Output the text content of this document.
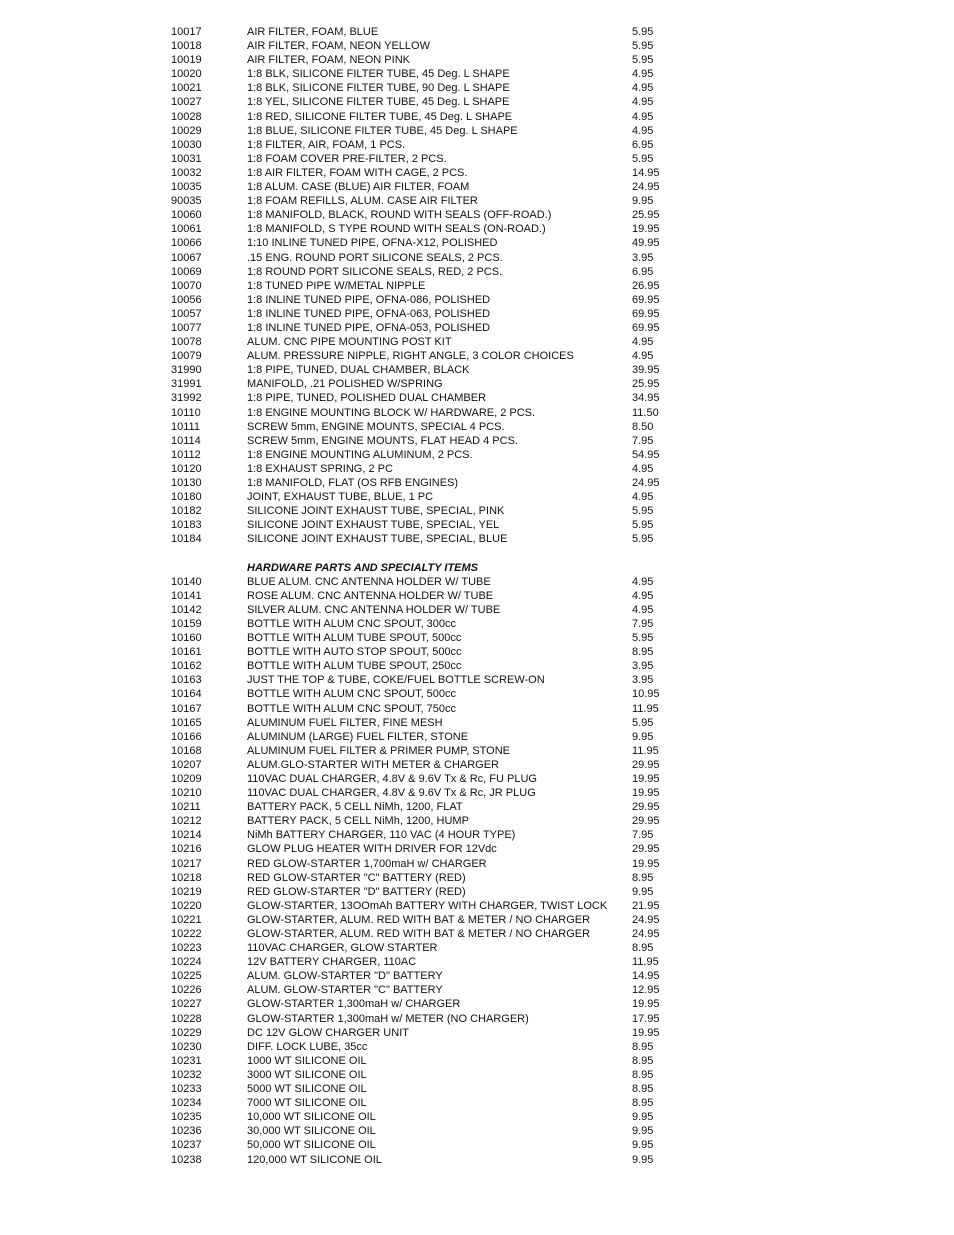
10017	AIR FILTER, FOAM, BLUE	5.95
10018	AIR FILTER, FOAM, NEON YELLOW	5.95
10019	AIR FILTER, FOAM, NEON PINK	5.95
10020	1:8 BLK, SILICONE FILTER TUBE, 45 Deg. L SHAPE	4.95
10021	1:8 BLK, SILICONE FILTER TUBE, 90 Deg. L SHAPE	4.95
10027	1:8 YEL, SILICONE FILTER TUBE, 45 Deg. L SHAPE	4.95
10028	1:8 RED, SILICONE FILTER TUBE, 45 Deg. L SHAPE	4.95
10029	1:8 BLUE, SILICONE FILTER TUBE, 45 Deg. L SHAPE	4.95
10030	1:8 FILTER, AIR, FOAM, 1 PCS.	6.95
10031	1:8 FOAM COVER PRE-FILTER, 2 PCS.	5.95
10032	1:8 AIR FILTER, FOAM WITH CAGE, 2 PCS.	14.95
10035	1:8 ALUM. CASE (BLUE) AIR FILTER, FOAM	24.95
90035	1:8 FOAM REFILLS, ALUM. CASE AIR FILTER	9.95
10060	1:8 MANIFOLD, BLACK, ROUND WITH SEALS (OFF-ROAD.)	25.95
10061	1:8 MANIFOLD, S TYPE ROUND WITH SEALS (ON-ROAD.)	19.95
10066	1:10 INLINE TUNED PIPE, OFNA-X12, POLISHED	49.95
10067	.15 ENG. ROUND PORT SILICONE SEALS, 2 PCS.	3.95
10069	1:8 ROUND PORT SILICONE SEALS, RED, 2 PCS.	6.95
10070	1:8 TUNED PIPE W/METAL NIPPLE	26.95
10056	1:8 INLINE TUNED PIPE, OFNA-086, POLISHED	69.95
10057	1:8 INLINE TUNED PIPE, OFNA-063, POLISHED	69.95
10077	1:8 INLINE TUNED PIPE, OFNA-053, POLISHED	69.95
10078	ALUM. CNC PIPE MOUNTING POST KIT	4.95
10079	ALUM. PRESSURE NIPPLE, RIGHT ANGLE, 3 COLOR CHOICES	4.95
31990	1:8 PIPE, TUNED, DUAL CHAMBER, BLACK	39.95
31991	MANIFOLD, .21 POLISHED W/SPRING	25.95
31992	1:8 PIPE, TUNED, POLISHED DUAL CHAMBER	34.95
10110	1:8 ENGINE MOUNTING BLOCK W/ HARDWARE, 2 PCS.	11.50
10111	SCREW 5mm, ENGINE MOUNTS, SPECIAL 4 PCS.	8.50
10114	SCREW 5mm, ENGINE MOUNTS, FLAT HEAD 4 PCS.	7.95
10112	1:8 ENGINE MOUNTING ALUMINUM, 2 PCS.	54.95
10120	1:8 EXHAUST SPRING, 2 PC	4.95
10130	1:8 MANIFOLD, FLAT (OS RFB ENGINES)	24.95
10180	JOINT, EXHAUST TUBE, BLUE, 1 PC	4.95
10182	SILICONE JOINT EXHAUST TUBE, SPECIAL, PINK	5.95
10183	SILICONE JOINT EXHAUST TUBE, SPECIAL, YEL	5.95
10184	SILICONE JOINT EXHAUST TUBE, SPECIAL, BLUE	5.95
HARDWARE PARTS AND SPECIALTY ITEMS
10140	BLUE ALUM. CNC ANTENNA HOLDER W/ TUBE	4.95
10141	ROSE ALUM. CNC ANTENNA HOLDER W/ TUBE	4.95
10142	SILVER ALUM. CNC ANTENNA HOLDER W/ TUBE	4.95
10159	BOTTLE WITH ALUM CNC SPOUT, 300cc	7.95
10160	BOTTLE WITH ALUM TUBE SPOUT, 500cc	5.95
10161	BOTTLE WITH AUTO STOP SPOUT, 500cc	8.95
10162	BOTTLE WITH ALUM TUBE SPOUT, 250cc	3.95
10163	JUST THE TOP & TUBE, COKE/FUEL BOTTLE SCREW-ON	3.95
10164	BOTTLE WITH ALUM CNC SPOUT, 500cc	10.95
10167	BOTTLE WITH ALUM CNC SPOUT, 750cc	11.95
10165	ALUMINUM FUEL FILTER, FINE MESH	5.95
10166	ALUMINUM (LARGE) FUEL FILTER, STONE	9.95
10168	ALUMINUM FUEL FILTER & PRIMER PUMP, STONE	11.95
10207	ALUM.GLO-STARTER WITH METER & CHARGER	29.95
10209	110VAC DUAL CHARGER, 4.8V & 9.6V Tx & Rc, FU PLUG	19.95
10210	110VAC DUAL CHARGER, 4.8V & 9.6V Tx & Rc, JR PLUG	19.95
10211	BATTERY PACK, 5 CELL NiMh, 1200, FLAT	29.95
10212	BATTERY PACK, 5 CELL NiMh, 1200, HUMP	29.95
10214	NiMh BATTERY CHARGER, 110 VAC (4 HOUR TYPE)	7.95
10216	GLOW PLUG HEATER WITH DRIVER FOR 12Vdc	29.95
10217	RED GLOW-STARTER 1,700maH w/ CHARGER	19.95
10218	RED GLOW-STARTER "C" BATTERY (RED)	8.95
10219	RED GLOW-STARTER "D" BATTERY (RED)	9.95
10220	GLOW-STARTER, 13OOmAh BATTERY WITH CHARGER, TWIST LOCK 21.95
10221	GLOW-STARTER, ALUM. RED WITH BAT & METER / NO CHARGER	24.95
10222	GLOW-STARTER, ALUM. RED WITH BAT & METER / NO CHARGER	24.95
10223	110VAC CHARGER, GLOW STARTER	8.95
10224	12V BATTERY CHARGER, 110AC	11.95
10225	ALUM. GLOW-STARTER "D" BATTERY	14.95
10226	ALUM. GLOW-STARTER "C" BATTERY	12.95
10227	GLOW-STARTER 1,300maH w/ CHARGER	19.95
10228	GLOW-STARTER 1,300maH w/ METER (NO CHARGER)	17.95
10229	DC 12V GLOW CHARGER UNIT	19.95
10230	DIFF. LOCK LUBE, 35cc	8.95
10231	1000 WT SILICONE OIL	8.95
10232	3000 WT SILICONE OIL	8.95
10233	5000 WT SILICONE OIL	8.95
10234	7000 WT SILICONE OIL	8.95
10235	10,000 WT SILICONE OIL	9.95
10236	30,000 WT SILICONE OIL	9.95
10237	50,000 WT SILICONE OIL	9.95
10238	120,000 WT SILICONE OIL	9.95
